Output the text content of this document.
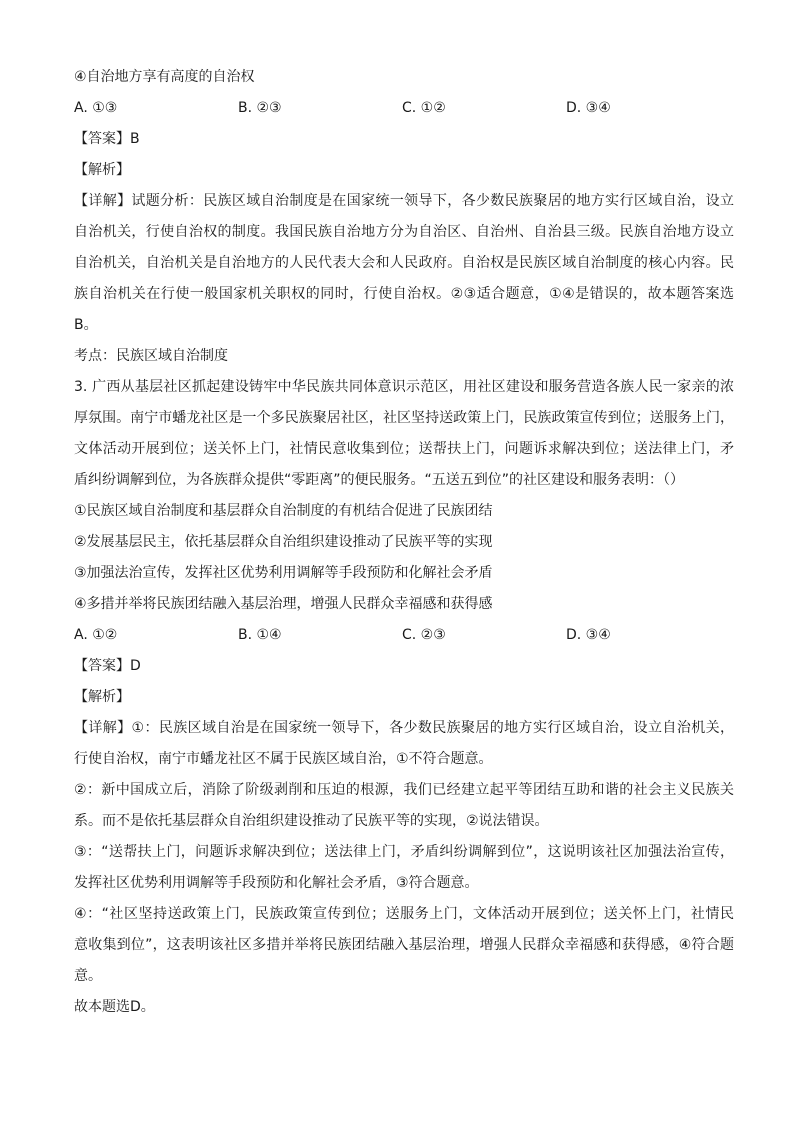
④自治地方享有高度的自治权
A. ①③	B. ②③	C. ①②	D. ③④
【答案】B
【解析】
【详解】试题分析：民族区域自治制度是在国家统一领导下，各少数民族聚居的地方实行区域自治，设立
自治机关，行使自治权的制度。我国民族自治地方分为自治区、自治州、自治县三级。民族自治地方设立
自治机关，自治机关是自治地方的人民代表大会和人民政府。自治权是民族区域自治制度的核心内容。民
族自治机关在行使一般国家机关职权的同时，行使自治权。②③适合题意，①④是错误的，故本题答案选
B。
考点：民族区域自治制度
3. 广西从基层社区抓起建设铸牢中华民族共同体意识示范区，用社区建设和服务营造各族人民一家亲的浓
厚氛围。南宁市蟠龙社区是一个多民族聚居社区，社区坚持送政策上门，民族政策宣传到位；送服务上门，
文体活动开展到位；送关怀上门，社情民意收集到位；送帮扶上门，问题诉求解决到位；送法律上门，矛
盾纠纷调解到位，为各族群众提供“零距离”的便民服务。“五送五到位”的社区建设和服务表明：（）
①民族区域自治制度和基层群众自治制度的有机结合促进了民族团结
②发展基层民主，依托基层群众自治组织建设推动了民族平等的实现
③加强法治宣传，发挥社区优势利用调解等手段预防和化解社会矛盾
④多措并举将民族团结融入基层治理，增强人民群众幸福感和获得感
A. ①②	B. ①④	C. ②③	D. ③④
【答案】D
【解析】
【详解】①：民族区域自治是在国家统一领导下，各少数民族聚居的地方实行区域自治，设立自治机关，
行使自治权，南宁市蟠龙社区不属于民族区域自治，①不符合题意。
②：新中国成立后，消除了阶级剥削和压迫的根源，我们已经建立起平等团结互助和谐的社会主义民族关
系。而不是依托基层群众自治组织建设推动了民族平等的实现，②说法错误。
③：“送帮扶上门，问题诉求解决到位；送法律上门，矛盾纠纷调解到位”，这说明该社区加强法治宣传，
发挥社区优势利用调解等手段预防和化解社会矛盾，③符合题意。
④：“社区坚持送政策上门，民族政策宣传到位；送服务上门，文体活动开展到位；送关怀上门，社情民
意收集到位”，这表明该社区多措并举将民族团结融入基层治理，增强人民群众幸福感和获得感，④符合题
意。
故本题选D。
